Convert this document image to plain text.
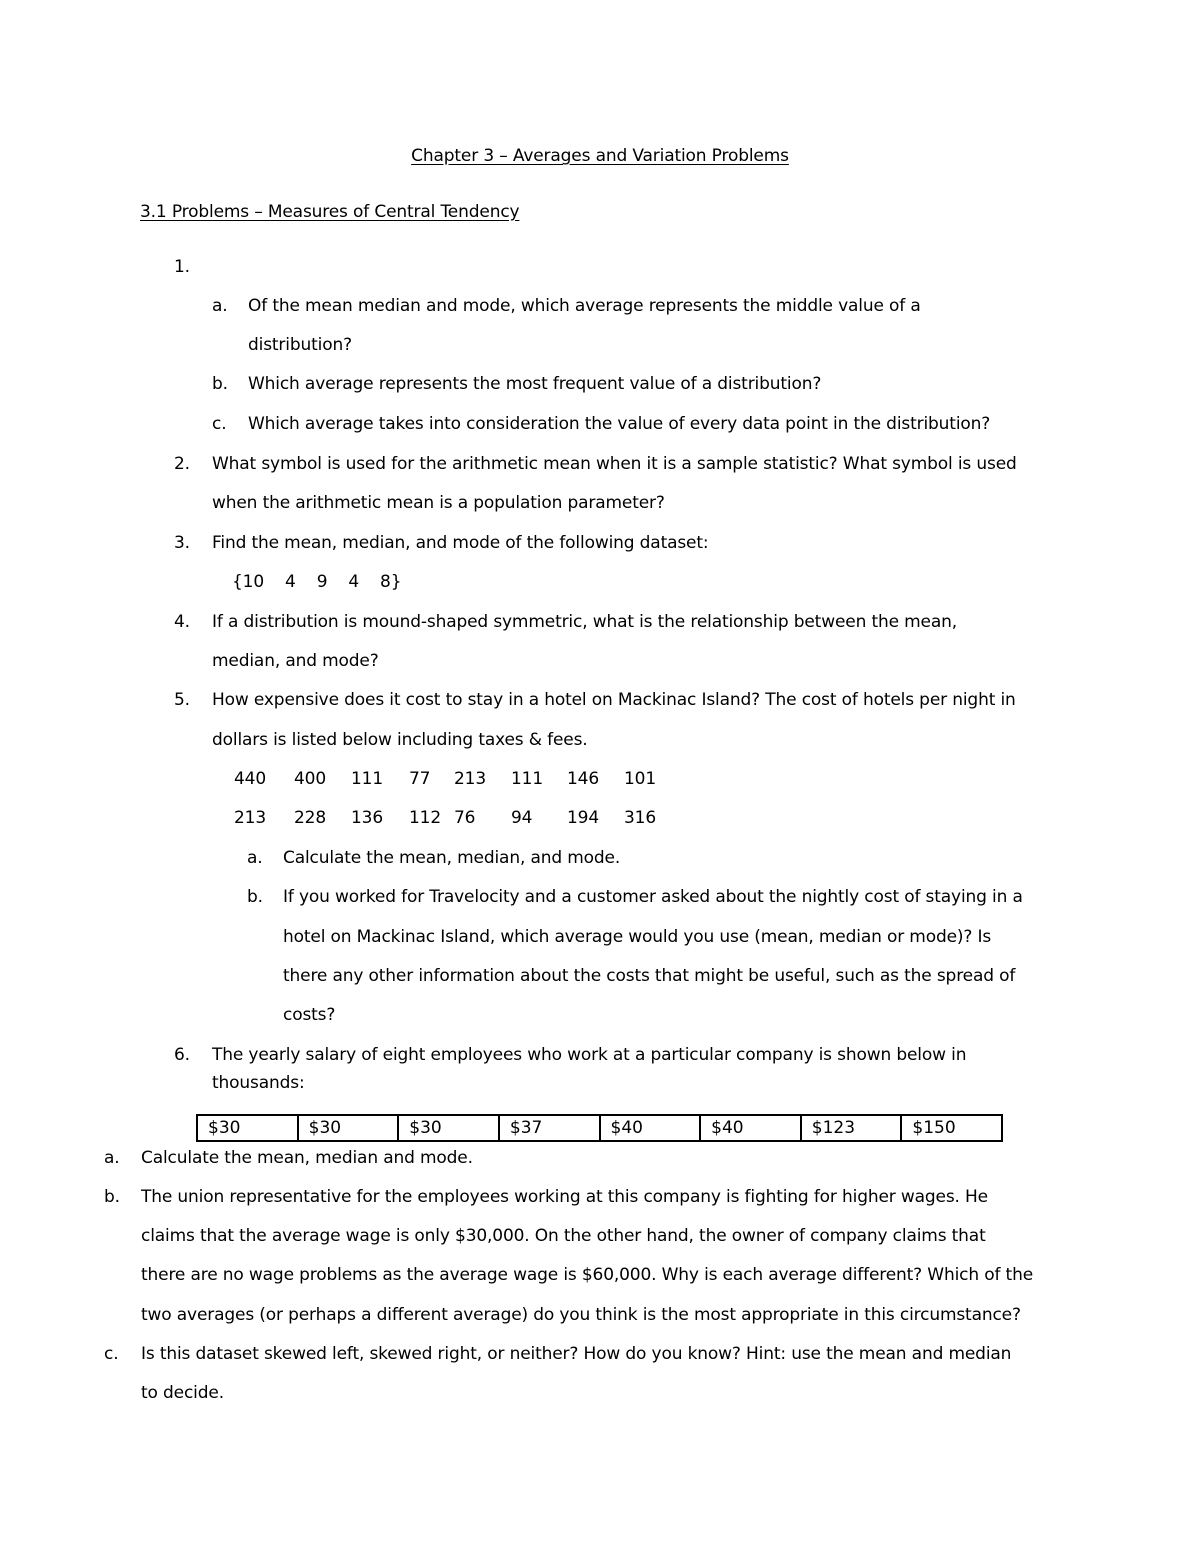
Chapter 3 – Averages and Variation Problems

3.1 Problems – Measures of Central Tendency

1.

a. Of the mean median and mode, which average represents the middle value of a

distribution?

b. Which average represents the most frequent value of a distribution?

c. Which average takes into consideration the value of every data point in the distribution?

2. What symbol is used for the arithmetic mean when it is a sample statistic? What symbol is used

when the arithmetic mean is a population parameter?

3. Find the mean, median, and mode of the following dataset:

{10    4    9    4    8}

4. If a distribution is mound-shaped symmetric, what is the relationship between the mean,

median, and mode?

5. How expensive does it cost to stay in a hotel on Mackinac Island? The cost of hotels per night in

dollars is listed below including taxes & fees.

440 400 111 77 213 111 146 101

213 228 136 112 76 94 194 316

a. Calculate the mean, median, and mode.

b. If you worked for Travelocity and a customer asked about the nightly cost of staying in a

hotel on Mackinac Island, which average would you use (mean, median or mode)? Is

there any other information about the costs that might be useful, such as the spread of

costs?

6. The yearly salary of eight employees who work at a particular company is shown below in

thousands:

$30	$30	$30	$37	$40	$40	$123	$150

a. Calculate the mean, median and mode.

b. The union representative for the employees working at this company is fighting for higher wages. He

claims that the average wage is only $30,000. On the other hand, the owner of company claims that

there are no wage problems as the average wage is $60,000. Why is each average different? Which of the

two averages (or perhaps a different average) do you think is the most appropriate in this circumstance?

c. Is this dataset skewed left, skewed right, or neither? How do you know? Hint: use the mean and median

to decide.
